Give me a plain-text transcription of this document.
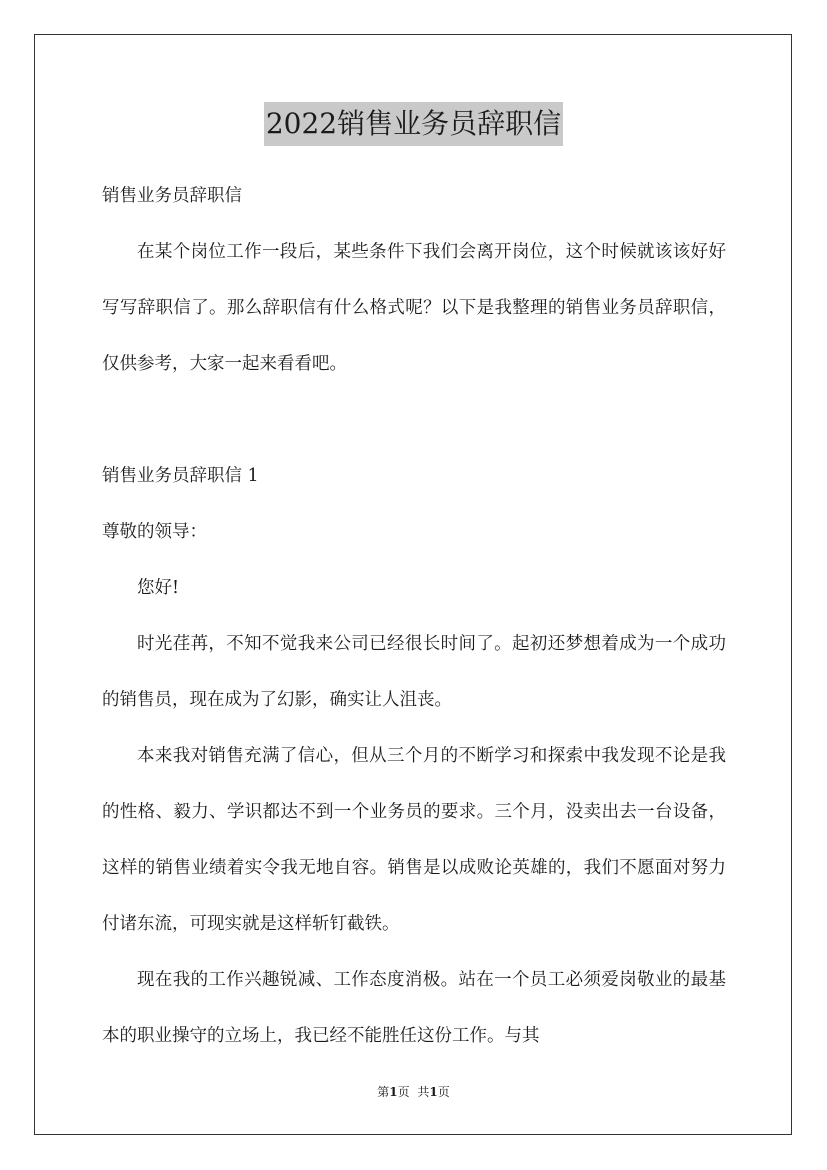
2022销售业务员辞职信

销售业务员辞职信

在某个岗位工作一段后，某些条件下我们会离开岗位，这个时候就该该好好写写辞职信了。那么辞职信有什么格式呢？以下是我整理的销售业务员辞职信，仅供参考，大家一起来看看吧。

销售业务员辞职信 1

尊敬的领导：

您好!

时光荏苒，不知不觉我来公司已经很长时间了。起初还梦想着成为一个成功的销售员，现在成为了幻影，确实让人沮丧。

本来我对销售充满了信心，但从三个月的不断学习和探索中我发现不论是我的性格、毅力、学识都达不到一个业务员的要求。三个月，没卖出去一台设备，这样的销售业绩着实令我无地自容。销售是以成败论英雄的，我们不愿面对努力付诸东流，可现实就是这样斩钉截铁。

现在我的工作兴趣锐减、工作态度消极。站在一个员工必须爱岗敬业的最基本的职业操守的立场上，我已经不能胜任这份工作。与其

第1页 共1页
